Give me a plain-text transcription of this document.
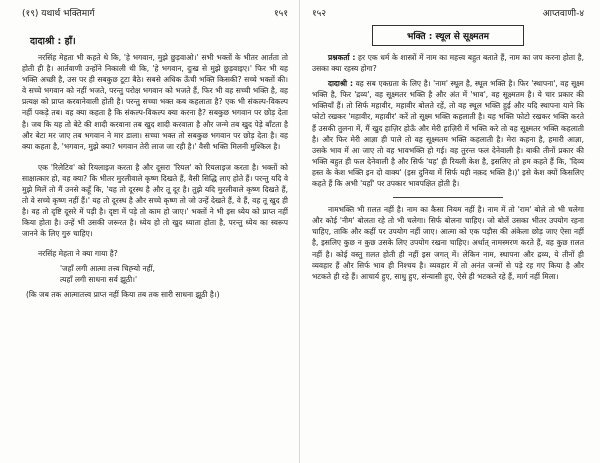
(१९) यथार्थ भक्तिमार्ग	१५१
दादाश्री : हाँ।

नरसिंह मेहता भी कहते थे कि, 'हे भगवान, मुझे छुड़वाओ।' सभी भक्तों के भीतर आर्तता तो होती ही है। आर्तवाणी उन्होंने निकाली थी कि, 'हे भगवान, दुःख से मुझे छुड़वाइए।' फिर भी यह भक्ति अच्छी है, उस पर ही सबकुछ टूटा बैठे। सबसे अधिक ऊँची भक्ति किसकी? सच्चे भक्तों की। वे सच्चे भगवान को नहीं भजते, परन्तु परोक्ष भगवान को भजते हैं, फिर भी वह सच्ची भक्ति है, वह प्रत्यक्ष को प्राप्त करवानेवाली होती है। परन्तु सच्चा भक्त कब कहलाता है? एक भी संकल्प-विकल्प नहीं पकड़े तब। वह क्या कहता है कि संकल्प-विकल्प क्या करना है? सबकुछ भगवान पर छोड़ देता है। जब कि यह तो बेटे की शादी करवाना तब खुद शादी करवाता है और जन्मे तब खुद पेड़े बाँटता है और बेटा मर जाए तब भगवान ने मार डाला। सच्चा भक्त तो सबकुछ भगवान पर छोड़ देता है। वह क्या कहता है, 'भगवान, मुझे क्या? भगवान तेरी लाज जा रही है।' वैसी भक्ति मिलनी मुश्किल है।

एक 'रिलेटिव' को रियलाइज करता है और दूसरा 'रियल' को रियलाइज करता है। भक्तों को साक्षात्कार हो, वह क्या? कि भीतर मुरलीवाले कृष्ण दिखते हैं, वैसी सिद्धि लाए होते हैं। परन्तु यदि वे मुझे मिलें तो मैं उनसे कहूँ कि, 'यह तो दूरस्थ है और तू दूर है। तुझे यदि मुरलीवाले कृष्ण दिखते हैं, तो वे सच्चे कृष्ण नहीं हैं।' यह तो दूरस्थ है और सच्चे कृष्ण तो जो उन्हें देखते हैं, वे हैं, वह तू खुद ही है। वह तो दृष्टि दूसरे में पड़ी है। दृष्टा में पड़े तो काम हो जाए।' भक्तों ने भी इस ध्येय को प्राप्त नहीं किया होता है। उन्हें भी उसकी जरूरत है। ध्येय हो तो खुद ध्याता होता है, परन्तु ध्येय का स्वरूप जानने के लिए गुरु चाहिए।

नरसिंह मेहता ने क्या गाया है?

'जहाँ लगी आत्मा तत्त्व चिह्न्यो नहीं,
त्यहाँ लगी साधना सर्व झूठी।'

(कि जब तक आत्मातत्त्व प्राप्त नहीं किया तब तक सारी साधना झूठी है।)

१५२	आप्तवाणी-४
भक्ति : स्थूल से सूक्ष्मतम

प्रश्नकर्ता : हर एक धर्म के शास्त्रों में नाम का महत्त्व बहुत बताते हैं, नाम का जप करना होता है, उसका क्या रहस्य होगा?

दादाश्री : वह सब एकग्रता के लिए है। 'नाम' स्थूल है, स्थूल भक्ति है। फिर 'स्थापना', वह सूक्ष्म भक्ति है, फिर 'द्रव्य', वह सूक्ष्मतर भक्ति है और अंत में 'भाव', वह सूक्ष्मतम है। ये चार प्रकार की भक्तियाँ हैं। तो सिर्फ महावीर, महावीर बोलते रहें, तो वह स्थूल भक्ति हुई और यदि स्थापना याने कि फोटो रखकर 'महावीर, महावीर' करें तो सूक्ष्म भक्ति कहलाती है। यह भक्ति फोटो रखकर भक्ति करते हैं उसकी तुलना में, मैं खुद हाज़िर होऊँ और मेरी हाज़िरी में भक्ति करे तो वह सूक्ष्मतर भक्ति कहलाती है। और फिर मेरी आज्ञा ही पाले तो वह सूक्ष्मतम भक्ति कहलाती है। मेरा कहना है, हमारी आज्ञा, उसके भाव में आ जाए तो वह भावभक्ति हो गई। वह तुरन्त फल देनेवाली है। बाकी तीनों प्रकार की भक्ति बहुत ही फल देनेवाली है और सिर्फ 'यह' ही रियली केश है, इसलिए तो हम कहते हैं कि, 'दिव्य हस्त के केश भक्ति इन दो वाक्य' (इस दुनिया में सिर्फ यही नक़द भक्ति है।)' इसे केश क्यों किसलिए कहते हैं कि अभी 'यहाँ' पर उपकार भावपक्षित होती है।

नामभक्ति भी ग़लत नहीं है। नाम का कैसा नियम नहीं है। नाम में तो 'राम' बोले तो भी चलेगा और कोई 'नीम' बोलता रहे तो भी चलेगा। सिर्फ बोलना चाहिए। जो बोलें उसका भीतर उपयोग रहना चाहिए, ताकि और कहीं पर उपयोग नहीं जाए। आत्मा को एक पड़ौस की अंकेला छोड़ जाए ऐसा नहीं है, इसलिए कुछ न कुछ उसके लिए उपयोग रखना चाहिए। अर्थात् नामस्मरण करते हैं, वह कुछ ग़लत नहीं है। कोई वस्तु ग़लत होती ही नहीं इस जगत् में। लेकिन नाम, स्थापना और द्रव्य, ये तीनों ही व्यवहार हैं और सिर्फ भाव ही निश्चय है। व्यवहार में तो अनंत जन्मों से पड़े रह गए किया है और भटकते ही रहे हैं। आचार्य हुए, साधु हुए, संन्यासी हुए, ऐसे ही भटकते रहे हैं, मार्ग नहीं मिला।
